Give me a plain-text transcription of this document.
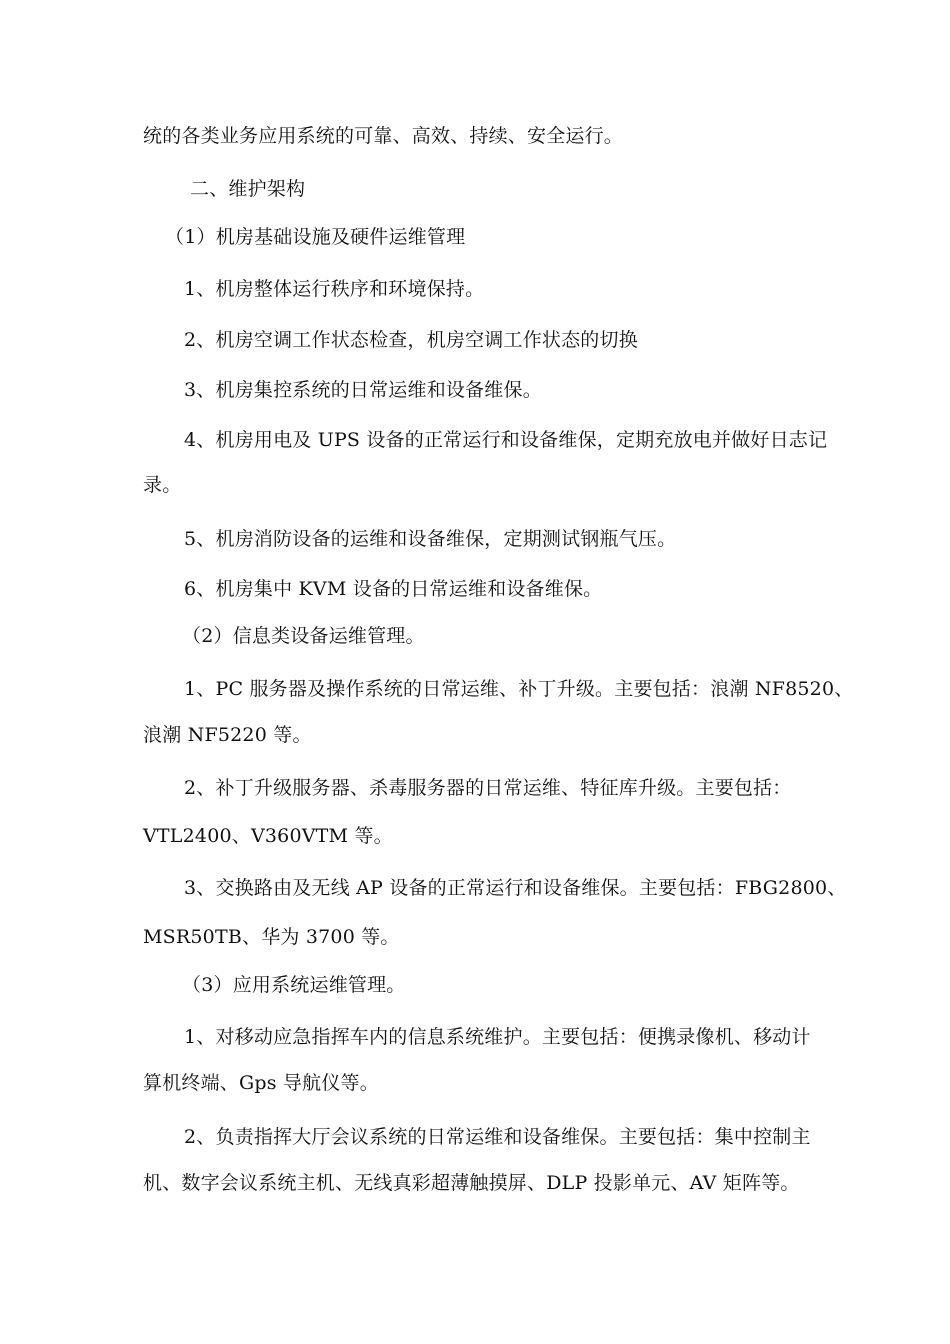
统的各类业务应用系统的可靠、高效、持续、安全运行。
二、维护架构
（1）机房基础设施及硬件运维管理
1、机房整体运行秩序和环境保持。
2、机房空调工作状态检查，机房空调工作状态的切换
3、机房集控系统的日常运维和设备维保。
4、机房用电及 UPS 设备的正常运行和设备维保，定期充放电并做好日志记
录。
5、机房消防设备的运维和设备维保，定期测试钢瓶气压。
6、机房集中 KVM 设备的日常运维和设备维保。
（2）信息类设备运维管理。
1、PC 服务器及操作系统的日常运维、补丁升级。主要包括：浪潮 NF8520、
浪潮 NF5220 等。
2、补丁升级服务器、杀毒服务器的日常运维、特征库升级。主要包括：
VTL2400、V360VTM 等。
3、交换路由及无线 AP 设备的正常运行和设备维保。主要包括：FBG2800、
MSR50TB、华为 3700 等。
（3）应用系统运维管理。
1、对移动应急指挥车内的信息系统维护。主要包括：便携录像机、移动计
算机终端、Gps 导航仪等。
2、负责指挥大厅会议系统的日常运维和设备维保。主要包括：集中控制主
机、数字会议系统主机、无线真彩超薄触摸屏、DLP 投影单元、AV 矩阵等。
